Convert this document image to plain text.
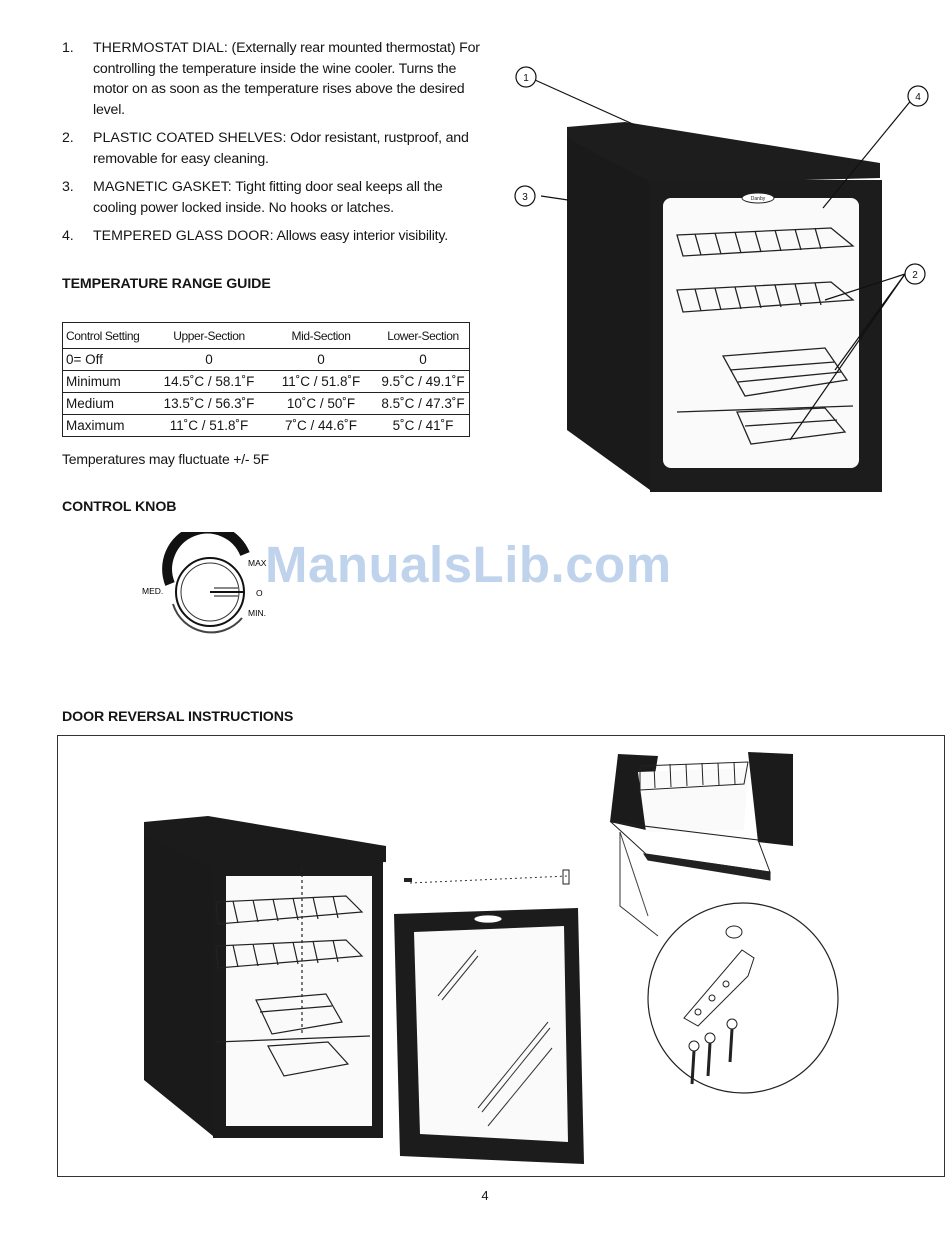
1. THERMOSTAT DIAL: (Externally rear mounted thermostat) For controlling the temperature inside the wine cooler. Turns the motor on as soon as the temperature rises above the desired level.
2. PLASTIC COATED SHELVES: Odor resistant, rustproof, and removable for easy cleaning.
3. MAGNETIC GASKET: Tight fitting door seal keeps all the cooling power locked inside. No hooks or latches.
4. TEMPERED GLASS DOOR: Allows easy interior visibility.
TEMPERATURE RANGE GUIDE
Control Setting	Upper-Section	Mid-Section	Lower-Section
0= Off	0	0	0
Minimum	14.5˚C / 58.1˚F	11˚C / 51.8˚F	9.5˚C / 49.1˚F
Medium	13.5˚C / 56.3˚F	10˚C / 50˚F	8.5˚C / 47.3˚F
Maximum	11˚C / 51.8˚F	7˚C / 44.6˚F	5˚C / 41˚F
Temperatures may fluctuate +/- 5F
Danby
1
2
3
4
CONTROL KNOB
MAX
MED.	O
MIN.
ManualsLib.com
DOOR REVERSAL INSTRUCTIONS
4
